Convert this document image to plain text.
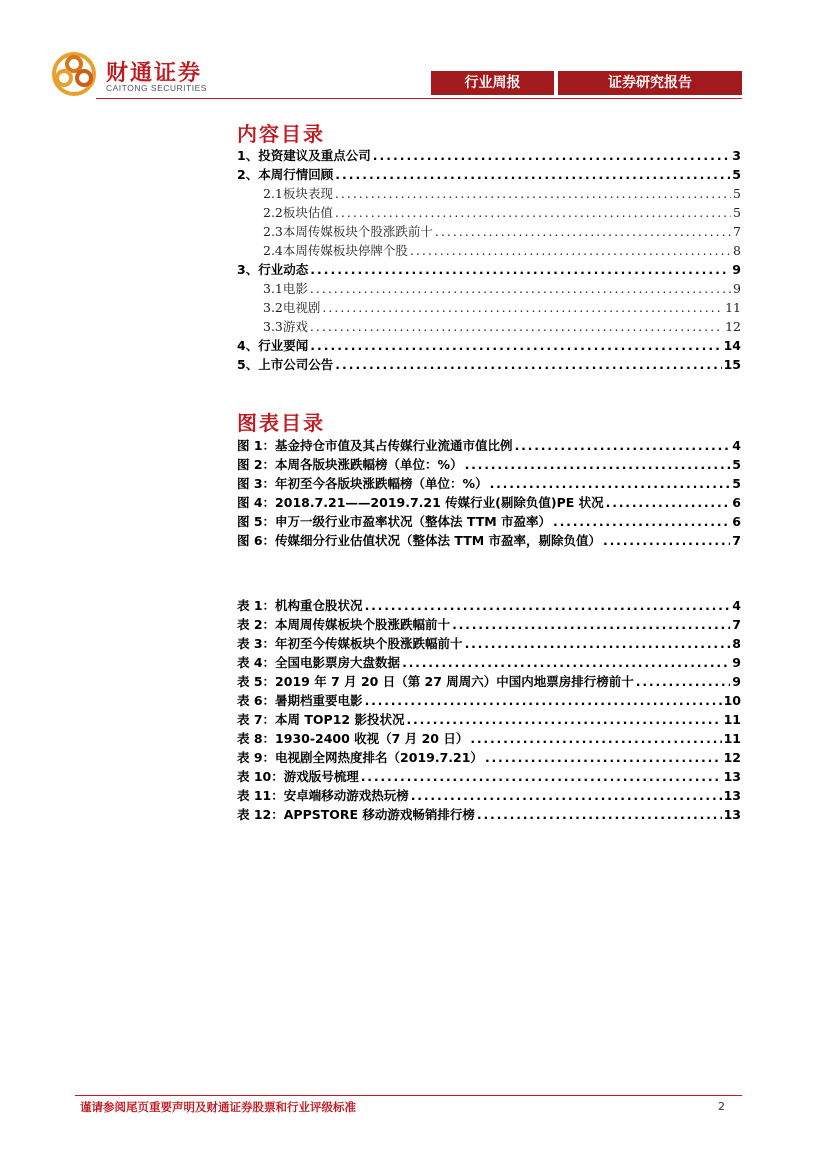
财通证券
CAITONG SECURITIES	行业周报	证券研究报告
内容目录
1、 投资建议及重点公司 .....	3
2、 本周行情回顾 .....	5
2.1 板块表现 .....	5
2.2 板块估值 .....	5
2.3 本周传媒板块个股涨跌前十 .....	7
2.4 本周传媒板块停牌个股 .....	8
3、 行业动态 .....	9
3.1 电影 .....	9
3.2 电视剧 .....	11
3.3 游戏 .....	12
4、 行业要闻 .....	14
5、 上市公司公告 .....	15
图表目录
图 1：基金持仓市值及其占传媒行业流通市值比例 .....	4
图 2：本周各版块涨跌幅榜（单位：%） .....	5
图 3：年初至今各版块涨跌幅榜（单位：%） .....	5
图 4：2018.7.21——2019.7.21 传媒行业(剔除负值)PE 状况 .....	6
图 5：申万一级行业市盈率状况（整体法 TTM 市盈率） .....	6
图 6：传媒细分行业估值状况（整体法 TTM 市盈率，剔除负值） .....	7
表 1：机构重仓股状况 .....	4
表 2：本周周传媒板块个股涨跌幅前十 .....	7
表 3：年初至今传媒板块个股涨跌幅前十 .....	8
表 4：全国电影票房大盘数据 .....	9
表 5：2019 年 7 月 20 日（第 27 周周六）中国内地票房排行榜前十 .....	9
表 6：暑期档重要电影 .....	10
表 7：本周 TOP12 影投状况 .....	11
表 8：1930-2400 收视（7 月 20 日） .....	11
表 9：电视剧全网热度排名（2019.7.21） .....	12
表 10：游戏版号梳理 .....	13
表 11：安卓端移动游戏热玩榜 .....	13
表 12：APPSTORE 移动游戏畅销排行榜 .....	13
谨请参阅尾页重要声明及财通证券股票和行业评级标准	2
